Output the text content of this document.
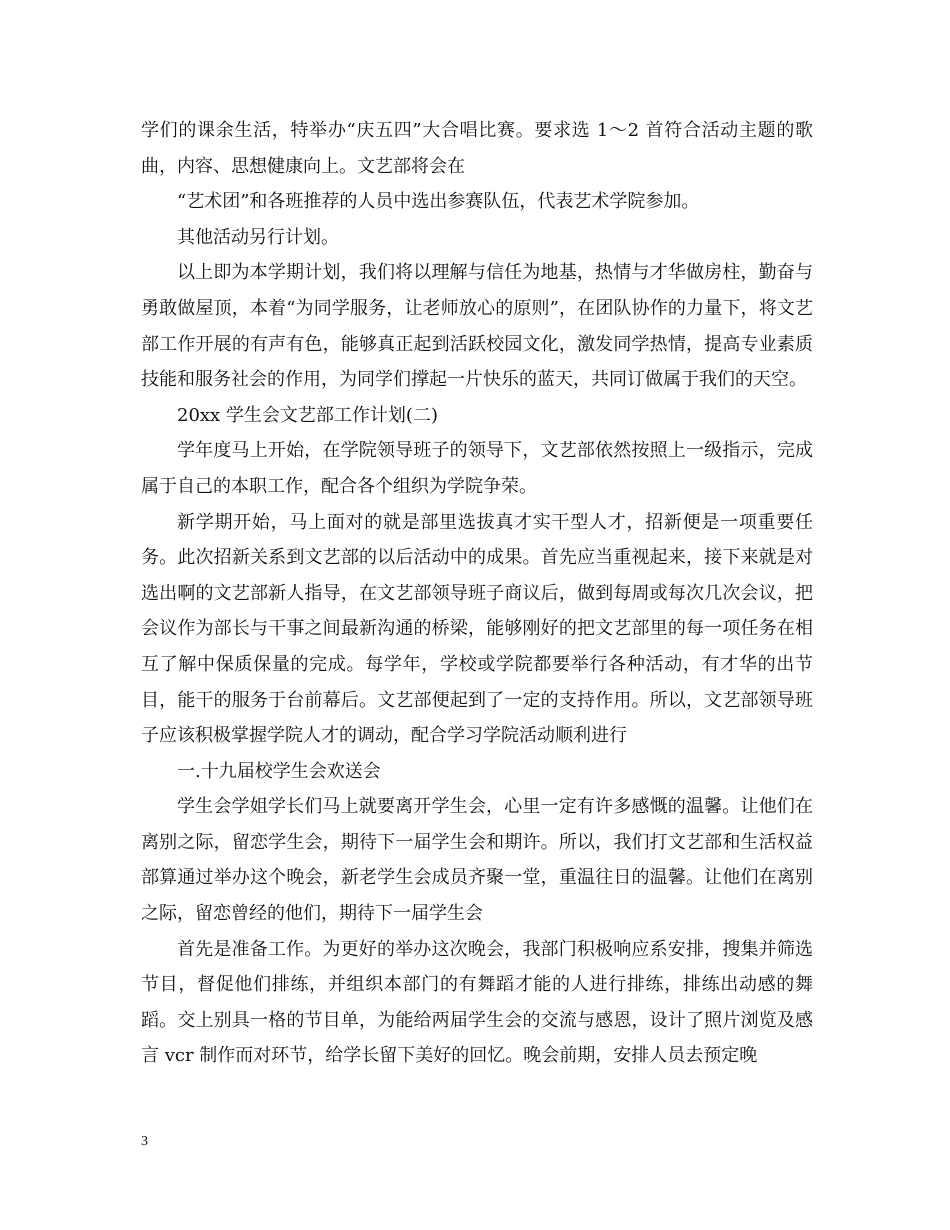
学们的课余生活，特举办“庆五四”大合唱比赛。要求选 1～2 首符合活动主题的歌曲，内容、思想健康向上。文艺部将会在

“艺术团”和各班推荐的人员中选出参赛队伍，代表艺术学院参加。

其他活动另行计划。

以上即为本学期计划，我们将以理解与信任为地基，热情与才华做房柱，勤奋与勇敢做屋顶，本着“为同学服务，让老师放心的原则”，在团队协作的力量下，将文艺部工作开展的有声有色，能够真正起到活跃校园文化，激发同学热情，提高专业素质技能和服务社会的作用，为同学们撑起一片快乐的蓝天，共同订做属于我们的天空。

20xx 学生会文艺部工作计划(二)

学年度马上开始，在学院领导班子的领导下，文艺部依然按照上一级指示，完成属于自己的本职工作，配合各个组织为学院争荣。

新学期开始，马上面对的就是部里选拔真才实干型人才，招新便是一项重要任务。此次招新关系到文艺部的以后活动中的成果。首先应当重视起来，接下来就是对选出啊的文艺部新人指导，在文艺部领导班子商议后，做到每周或每次几次会议，把会议作为部长与干事之间最新沟通的桥梁，能够刚好的把文艺部里的每一项任务在相互了解中保质保量的完成。每学年，学校或学院都要举行各种活动，有才华的出节目，能干的服务于台前幕后。文艺部便起到了一定的支持作用。所以，文艺部领导班子应该积极掌握学院人才的调动，配合学习学院活动顺利进行

一.十九届校学生会欢送会

学生会学姐学长们马上就要离开学生会，心里一定有许多感慨的温馨。让他们在离别之际，留恋学生会，期待下一届学生会和期许。所以，我们打文艺部和生活权益部算通过举办这个晚会，新老学生会成员齐聚一堂，重温往日的温馨。让他们在离别之际，留恋曾经的他们，期待下一届学生会

首先是准备工作。为更好的举办这次晚会，我部门积极响应系安排，搜集并筛选节目，督促他们排练，并组织本部门的有舞蹈才能的人进行排练，排练出动感的舞蹈。交上别具一格的节目单，为能给两届学生会的交流与感恩，设计了照片浏览及感言 vcr 制作而对环节，给学长留下美好的回忆。晚会前期，安排人员去预定晚

3
